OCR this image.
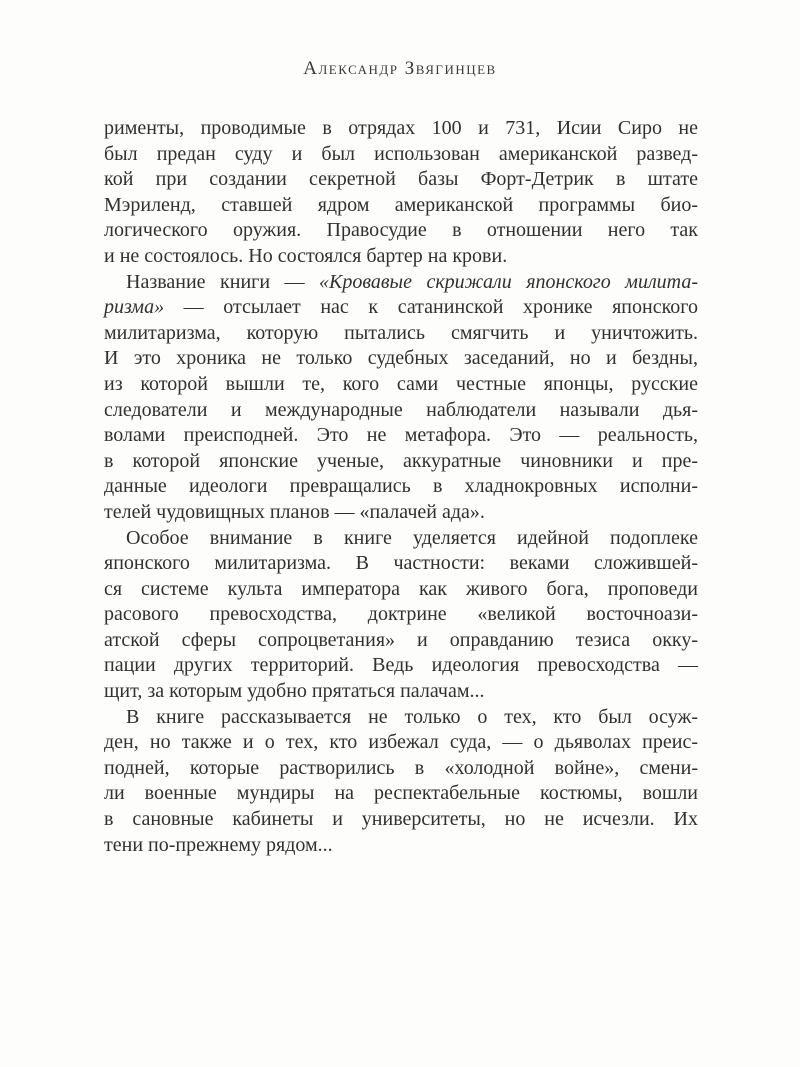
Александр Звягинцев
рименты, проводимые в отрядах 100 и 731, Исии Сиро не
был предан суду и был использован американской развед-
кой при создании секретной базы Форт-Детрик в штате
Мэриленд, ставшей ядром американской программы био-
логического оружия. Правосудие в отношении него так
и не состоялось. Но состоялся бартер на крови.
Название книги — «Кровавые скрижали японского милита-
ризма» — отсылает нас к сатанинской хронике японского
милитаризма, которую пытались смягчить и уничтожить.
И это хроника не только судебных заседаний, но и бездны,
из которой вышли те, кого сами честные японцы, русские
следователи и международные наблюдатели называли дья-
волами преисподней. Это не метафора. Это — реальность,
в которой японские ученые, аккуратные чиновники и пре-
данные идеологи превращались в хладнокровных исполни-
телей чудовищных планов — «палачей ада».
Особое внимание в книге уделяется идейной подоплеке
японского милитаризма. В частности: веками сложившей-
ся системе культа императора как живого бога, проповеди
расового превосходства, доктрине «великой восточноази-
атской сферы сопроцветания» и оправданию тезиса окку-
пации других территорий. Ведь идеология превосходства —
щит, за которым удобно прятаться палачам...
В книге рассказывается не только о тех, кто был осуж-
ден, но также и о тех, кто избежал суда, — о дьяволах преис-
подней, которые растворились в «холодной войне», смени-
ли военные мундиры на респектабельные костюмы, вошли
в сановные кабинеты и университеты, но не исчезли. Их
тени по-прежнему рядом...
